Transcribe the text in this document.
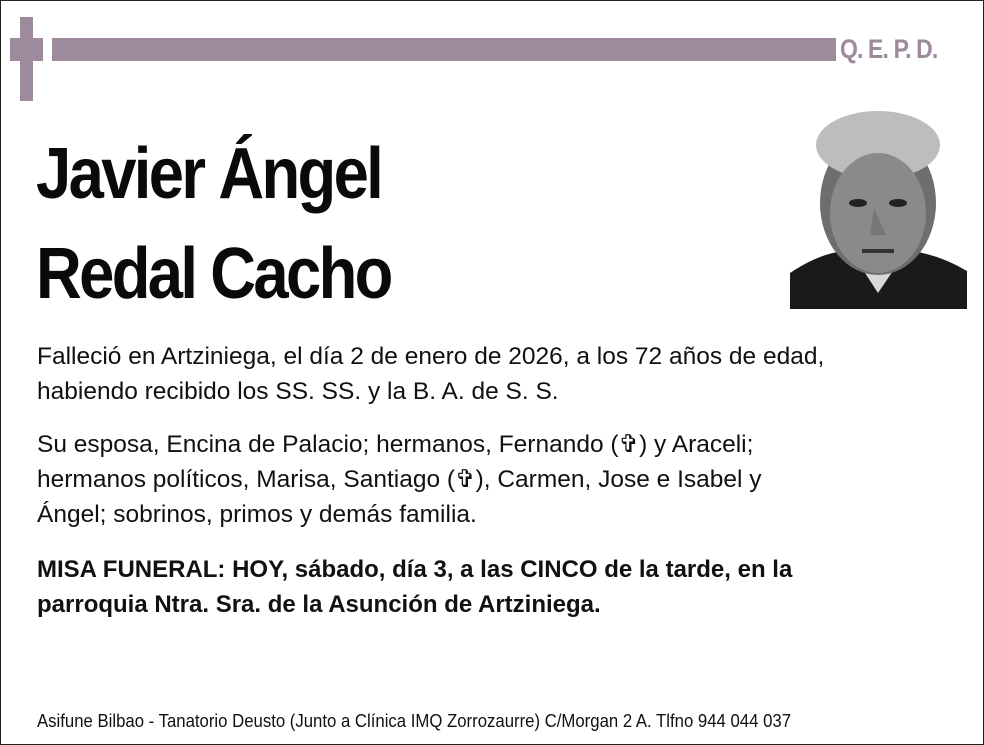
Q. E. P. D.
Javier Ángel
Redal Cacho
Falleció en Artziniega, el día 2 de enero de 2026, a los 72 años de edad,
habiendo recibido los SS. SS. y la B. A. de S. S.
Su esposa, Encina de Palacio; hermanos, Fernando (✞) y Araceli;
hermanos políticos, Marisa, Santiago (✞), Carmen, Jose e Isabel y
Ángel; sobrinos, primos y demás familia.
MISA FUNERAL: HOY, sábado, día 3, a las CINCO de la tarde, en la
parroquia Ntra. Sra. de la Asunción de Artziniega.
Asifune Bilbao - Tanatorio Deusto (Junto a Clínica IMQ Zorrozaurre) C/Morgan 2 A. Tlfno 944 044 037
